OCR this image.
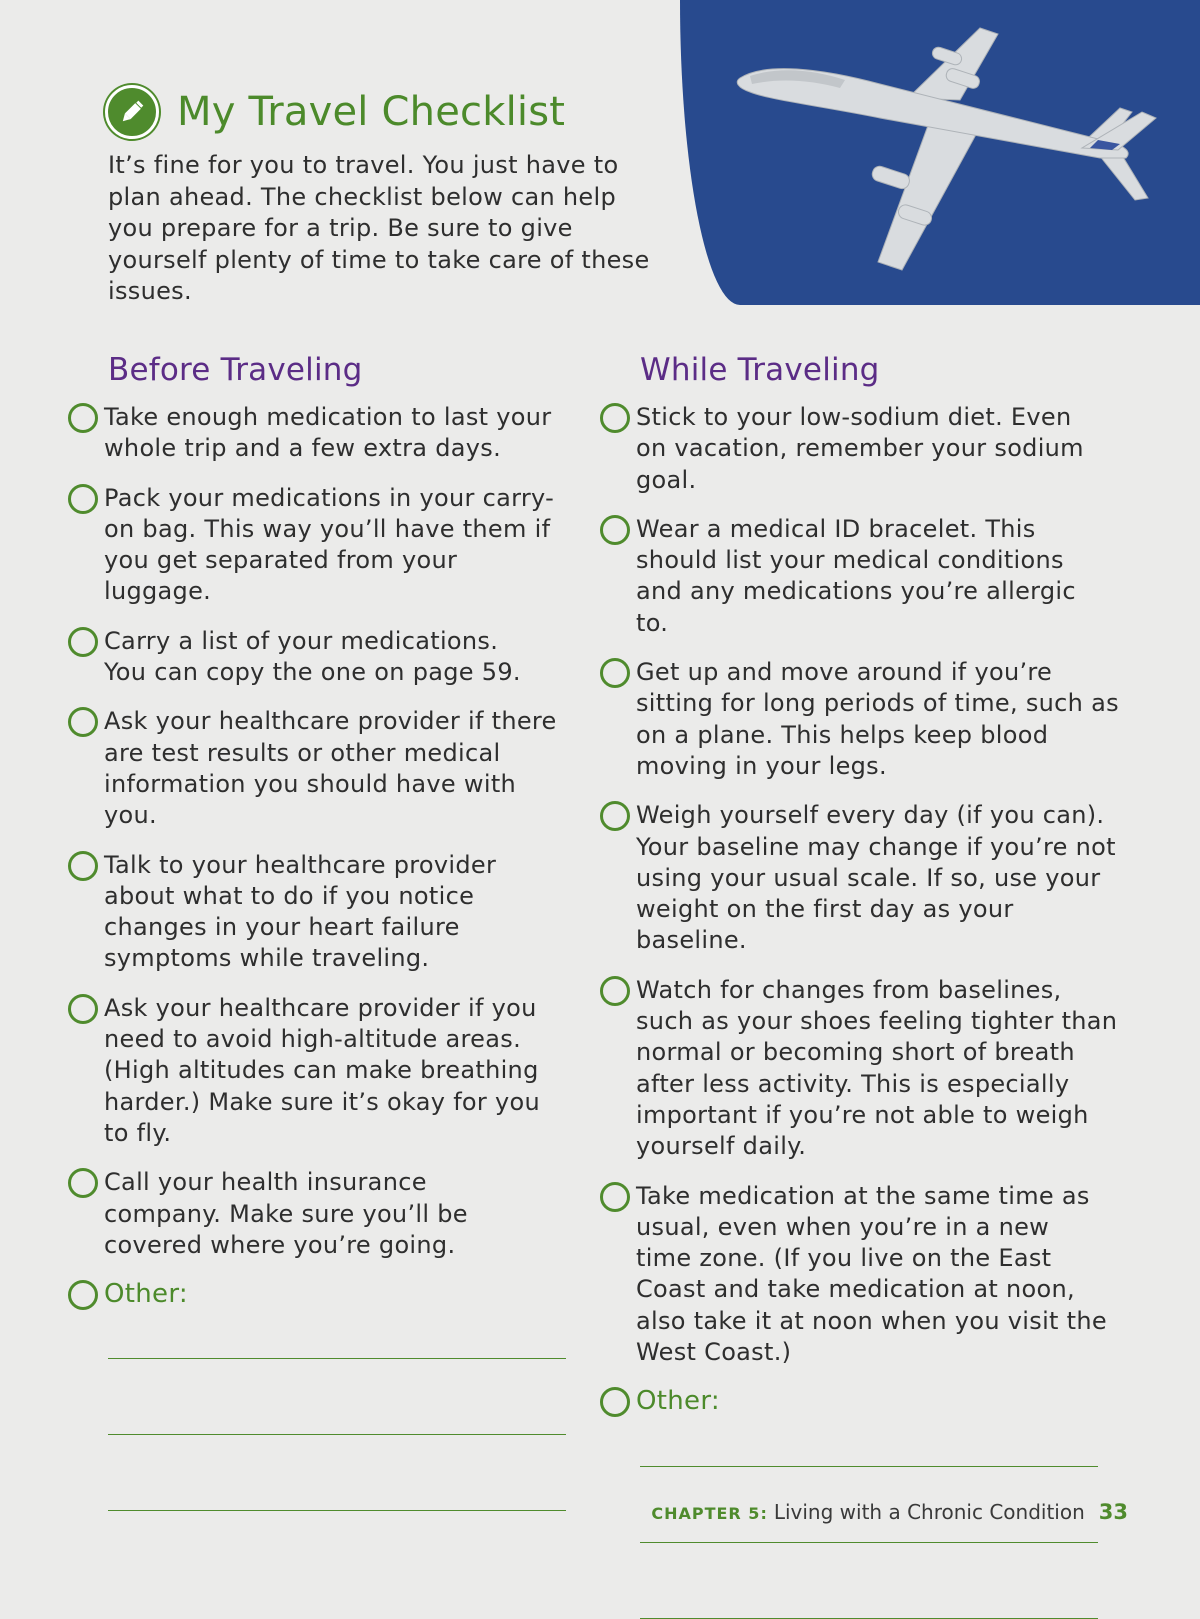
My Travel Checklist

It’s fine for you to travel. You just have to plan ahead. The checklist below can help you prepare for a trip. Be sure to give yourself plenty of time to take care of these issues.

Before Traveling
Take enough medication to last your whole trip and a few extra days.
Pack your medications in your carry-on bag. This way you’ll have them if you get separated from your luggage.
Carry a list of your medications. You can copy the one on page 59.
Ask your healthcare provider if there are test results or other medical information you should have with you.
Talk to your healthcare provider about what to do if you notice changes in your heart failure symptoms while traveling.
Ask your healthcare provider if you need to avoid high-altitude areas. (High altitudes can make breathing harder.) Make sure it’s okay for you to fly.
Call your health insurance company. Make sure you’ll be covered where you’re going.
Other:
While Traveling
Stick to your low-sodium diet. Even on vacation, remember your sodium goal.
Wear a medical ID bracelet. This should list your medical conditions and any medications you’re allergic to.
Get up and move around if you’re sitting for long periods of time, such as on a plane. This helps keep blood moving in your legs.
Weigh yourself every day (if you can). Your baseline may change if you’re not using your usual scale. If so, use your weight on the first day as your baseline.
Watch for changes from baselines, such as your shoes feeling tighter than normal or becoming short of breath after less activity. This is especially important if you’re not able to weigh yourself daily.
Take medication at the same time as usual, even when you’re in a new time zone. (If you live on the East Coast and take medication at noon, also take it at noon when you visit the West Coast.)
Other:
CHAPTER 5: Living with a Chronic Condition 33
